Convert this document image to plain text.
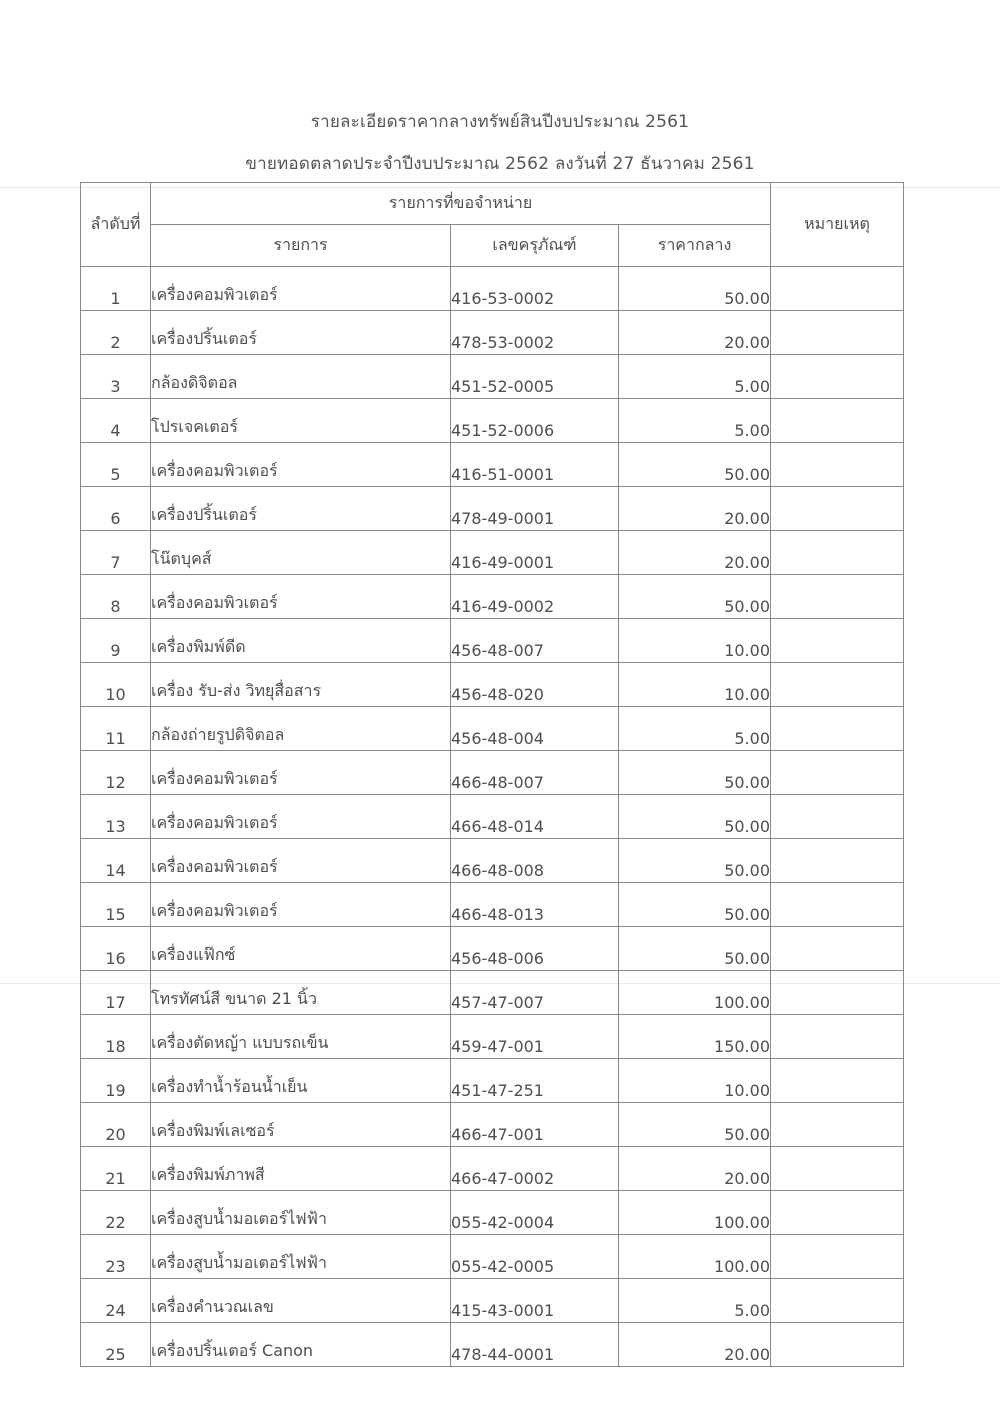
รายละเอียดราคากลางทรัพย์สินปีงบประมาณ 2561
ขายทอดตลาดประจำปีงบประมาณ 2562 ลงวันที่ 27 ธันวาคม 2561
ลำดับที่	รายการที่ขอจำหน่าย			หมายเหตุ
	รายการ	เลขครุภัณฑ์	ราคากลาง	
1	เครื่องคอมพิวเตอร์	416-53-0002	50.00	
2	เครื่องปริ้นเตอร์	478-53-0002	20.00	
3	กล้องดิจิตอล	451-52-0005	5.00	
4	โปรเจคเตอร์	451-52-0006	5.00	
5	เครื่องคอมพิวเตอร์	416-51-0001	50.00	
6	เครื่องปริ้นเตอร์	478-49-0001	20.00	
7	โน๊ตบุคส์	416-49-0001	20.00	
8	เครื่องคอมพิวเตอร์	416-49-0002	50.00	
9	เครื่องพิมพ์ดีด	456-48-007	10.00	
10	เครื่อง รับ-ส่ง วิทยุสื่อสาร	456-48-020	10.00	
11	กล้องถ่ายรูปดิจิตอล	456-48-004	5.00	
12	เครื่องคอมพิวเตอร์	466-48-007	50.00	
13	เครื่องคอมพิวเตอร์	466-48-014	50.00	
14	เครื่องคอมพิวเตอร์	466-48-008	50.00	
15	เครื่องคอมพิวเตอร์	466-48-013	50.00	
16	เครื่องแฟ๊กซ์	456-48-006	50.00	
17	โทรทัศน์สี ขนาด 21 นิ้ว	457-47-007	100.00	
18	เครื่องตัดหญ้า แบบรถเข็น	459-47-001	150.00	
19	เครื่องทำน้ำร้อนน้ำเย็น	451-47-251	10.00	
20	เครื่องพิมพ์เลเซอร์	466-47-001	50.00	
21	เครื่องพิมพ์ภาพสี	466-47-0002	20.00	
22	เครื่องสูบน้ำมอเตอร์ไฟฟ้า	055-42-0004	100.00	
23	เครื่องสูบน้ำมอเตอร์ไฟฟ้า	055-42-0005	100.00	
24	เครื่องคำนวณเลข	415-43-0001	5.00	
25	เครื่องปริ้นเตอร์ Canon	478-44-0001	20.00	
